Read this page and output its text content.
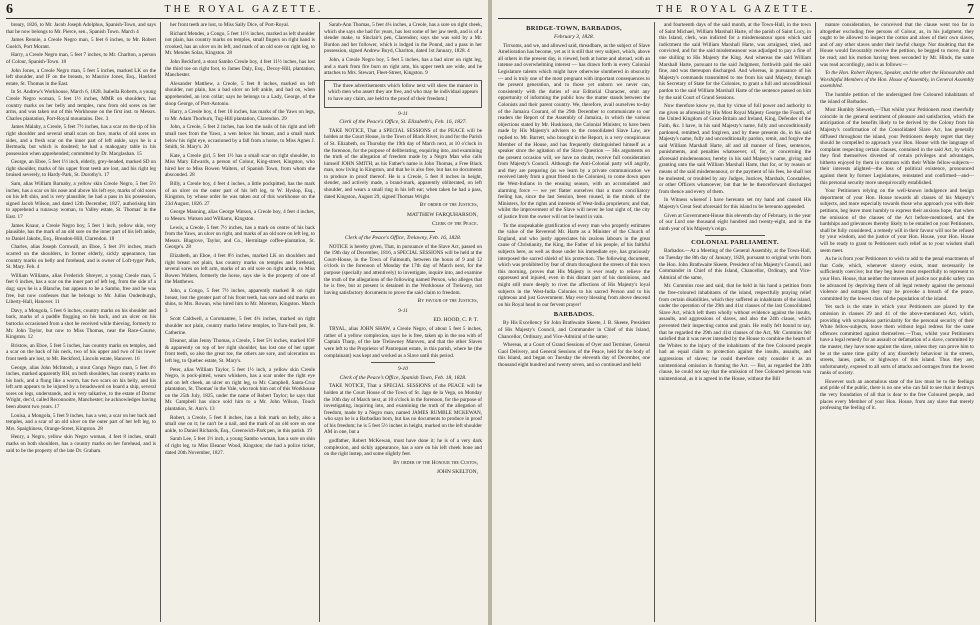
6	THE ROYAL GAZETTE.

breary, 1826, to Mr. Jacob Joseph Adolphus, Spanish-Town, and says that he now belongs to Mr. Pierce, sen., Spanish Town. March 4

James Rennie, a Creole Negro man, 5 feet 6 inches, to Mr. Robert Guelch, Port Morant.

Harry, a Creole Negro man, 5 feet 7 inches, to Mr. Charlton, a person of Colour, Spanish-Town. 18

John Jones, a Creole Negro man, 5 feet 5 inches, marked LK on the left shoulder, and IF on the breasts, to Maurice Jones, Esq., Hanford estate, St. Thomas in the East.

In St. Andrew's Workhouse, March 6, 1828. Isabella Roberts, a young Creole Negro woman, 5 feet 1½ inches, MMR on shoulders, has country marks on her belly and temples, runs from old sores on her arms, and was taken out of this Workhouse on the first inst. to Messrs. Charles plantation, Port-Royal mountains. Dec. 3

James Malaby, a Creole, 5 feet 7½ inches, has a scar on the tip of his right shoulder and several small scars on face, marks of old sores on sides, and a fresh scar on the inner part of left ankle, says he is a Bermuda, but which is doubted; he had a mahogany table in his possession when apprehended; committed by Dr. Macglashan. 15

George, an Eboe, 5 feet 1½ inch, elderly, grey-headed, marked SD on right shoulder, marks of his upper front teeth are lost, and his right leg bruised severely, to Hardy-Park, St. Dorothy's. 17

Sam, alias William Barnaby, a yellow skin Creole Negro, 5 feet 5½ inches, has a scar on his nose and above his left eye, marks of old sores on his left shin, and is very plausible; he had a pass in his possession, signed Jacob Wilson, and dated 12th December, 1827, authorising him to apprehend a runaway woman, to Valley estate, St. Thomas' in the East. 17

James Knaur, a Creole Negro boy, 5 feet 1 inch, yellow skin, very plausible, has the mark of an old sore on the inner part of his left ankle, to Daniel Jakobs, Esq., Breadon-Hill, Clarendon. 18

Charles, alias Joseph Cornwall, an Eboe, 5 feet 3½ inches, much scarred on the shoulders, in former elderly, sickly appearance, has country marks on belly and forehead, and is owner of Loft-tyger Park, St. Mary. Feb. 4

William Williams, alias Frederick Shreyer, a young Creole man, 5 feet 6 inches, has a scar on the inner part of left leg, from the side of a dog; says he is a Blanche, but appears to be a Sambo, free and he was free, but now confesses that he belongs to Mr. Julius Oudenburgh, Liberty-Hall, Hanover. 11

Davy, a Mongola, 5 feet 6 inches, country marks on his shoulder and back, marks of a paddle flogging on his back, and an ulcer on his buttocks occasioned from a shot he received while thieving, formerly to Mr. John Taylor, but now to Miss Thomas, near the Race-Course, Kingston. 12

Bristow, an Eboe, 5 feet 5 inches, has country marks on temples, and a scar on the back of his neck, two of his upper and two of his lower front teeth are lost, to Mr. Beckford, Lincoln estate, Hanover. 16

George, alias John McIntosh, a stout Congo Negro man, 5 feet 4½ inches, marked apparently RH, on both shoulders, has country marks on his back, and a flung like a worm, has two scars on his belly, and his left arm appears to be injured by a broadsword on board a ship, several sores on legs, understands, and is very talkative, to the estate of Doctor Wright, dec'd, called Reconnoitre, Manchester; he acknowledges having been absent two years. 17

Louisa, a Mongola, 5 feet 9 inches, has a wen, a scar on her back and temples, and a scar of an old ulcer on the outer part of her left leg, to Mrs. Spaighiness, Orange-Street, Kingston. 28

Henry, a Negro, yellow skin Negro woman, 4 feet 8 inches, small marks on both shoulders, has a country marks on her forehead, and is said to be the property of the late Dr. Graham.

her front teeth are lost, to Miss Sally Dice, of Port-Royal.

Richard Mendes, a Congo, 5 feet 11½ inches, marked as left shoulder not plain, has country marks on temples, small fingers on right hand is crooked, has an ulcer on its left, and mark of an old sore on right leg, to Mr. Mendes Solas, Kingston. 28

John Beckford, a stout Sambo Creole boy, 4 feet 11½ inches, has lost the third toe on right foot, to James Daly, Esq., Decoy-Hill, plantation, Manchester.

Alexander Matthew, a Creole, 5 feet 8 inches, marked on left shoulder, not plain, has a bad ulcer on left ankle, and had on, when apprehended, an iron collar; says he belongs to a Lady, George, of the sloop George, of Port-Antonio.

Harry, a Creole boy, 4 feet 10 inches, has marks of the Yaws on legs, to Mr. Adam Thorburn, Tug-Hill plantation, Clarendon. 29

John, a Creole, 5 feet 2 inches, has lost the nails of his right and left small toes from the Yaws, a wen below his breast, and a small mark below his right eye, occasioned by a fall from a horse, to Miss Agnes J. Smith, St. Mary's. 20

Kate, a Creole girl, 5 feet 1½ has a small scar on right shoulder, to Miss Mary Edwards, a person of Colour, King-street, Kingston, who hired her to Miss Bowen Walters, of Spanish Town, from whom she absconded. 28

Billy, a Creole boy, 4 feet 4 inches, a little pockpitted, has the mark of an ulcer on the outer part of his left leg, to W. Hyslop, Esq., Kingston, by whose order he was taken out of this workhouse on the 23d August, 1826. 27

George Manning, alias George Watson, a Creole boy, 4 feet 4 inches, to Messrs. Watson and Williams, Kingston.

Lewis, a Creole, 5 feet 7½ inches, has a mark on centre of his back from the Yaws, an ulcer on right, and marks of an old sore on left leg, to Messrs. Blagrove, Taylor, and Co., Hermitage coffee-plantation, St. George's. 28

Elizabeth, an Eboe, 4 feet 8½ inches, marked LK on shoulders and right breast not plain, has country marks on temples and forehead, several sores on left arm, marks of an old sore on right ankle, to Miss Bowen Walters, formerly the horse, says she is the property of one of the Matthews.

John, a Congo, 5 feet 7½ inches, apparently marked R on right breast, lost the greater part of his front teeth, has sore and old marks on shins, to Mrs. Rowan, who hired him to Mr. Moreton, Kingston. March 3

Scott Caldwell, a Coromantee, 5 feet 4¼ inches, marked on right shoulder not plain, country marks below temples, to Turn-bull pen, St. Catherine.

Eleanor, alias Jenny Thomas, a Creole, 5 feet 5½ inches, marked IOF & apparently on top of her right shoulder, has lost one of her upper front teeth, so also the great toe, the others are sore, and ulceration on left leg, to Quebec estate, St. Mary's.

Peter, alias William Taylor, 5 feet 1½ inch, a yellow skin Creole Negro, is pock-pitted, wears whiskers, has a scar under the right eye and on left cheek, an ulcer on right leg, to Mr. Campbell, Santa-Cruz plantation, St. Thomas' in the Vale, who took him out of this Workhouse on the 25th July, 1825, under the name of Robert Taylor; he says that Mr. Campbell has since sold him to a Mr. John Wilson, Touch plantation, St. Ann's. 13

Robert, a Creole, 5 feet 8 inches, has a link mark on belly, also a small one on it; he can't be a nail, and the mark of an old sore on one ankle, to Daniel Richards, Esq., Greenwich-Park pen, in this parish. 19

Sarah Lee, 5 feet 1½ inch, a young Sambo woman, has a sore on shin of right leg, to Miss Eleanor Wood, Kingston; she had a police ticket, dated 20th November, 1827.

Sarah-Ann Thomas, 5 feet 4¼ inches, a Creole, has a sore on right cheek, which she says she had for years, has lost some of her jaw teeth, and is of a slender make, to Sinclair's pen, Clarendon; says she was sold by a Mr. Burdon and her follower, which is lodged in the Pound, and a pass in her possession, signed Andrew Boyd, Chariton, dated 1st January, 1828. 4

John, a Creole Negro boy, 5 feet 5 inches, has a bad ulcer on right leg, and a mark from fire burn on right arm, his upper teeth are wide, and he attaches to Mrs. Stewart, Fleet-Street, Kingston. 9

The three advertisements which follow next will shew the manner in which men who assert they are free, and who may be individual appears to have any claim, are held to the proof of their freedom.]

9-11
Clerk of the Peace's Office, St. Elizabeth's, Feb. 16, 1827.

TAKE NOTICE, That a SPECIAL SESSIONS of the PEACE will be holden at the Court House, in the Town of Black River, in and for the Parish of St. Elizabeth, on Thursday the 19th day of March next, at 10 o'clock in the forenoon, for the purpose of deliberating, enquiring into, and examining the truth of the allegation of freedom made by a Negro Man who calls himself JOHN SMITH, as his Father's name is John Thomas, a Free Black man, now living in Kingston, and that he is also free, but has no documents to produce in proof thereof. He is a Creole, 5 feet 8 inches in height, slender, and actively made, a brand-mark, apparently obliterated, on left shoulder, and wears a small ring in his left ear; when taken he had a pass, dated Kingston, August 29, signed Thomas Wright.

By order of the Justices,
MATTHEW FARQUHARSON,
Clerk of the Peace.
Clerk of the Peace's Office, Trelawny, Feb. 16, 1828.

NOTICE is hereby given, That, in pursuance of the Slave Act, passed on the 19th day of December, 1816, a SPECIAL SESSIONS will be held at the Court-House, in the Town of Falmouth, between the hours of 9 and 12 o'clock in the forenoon of Monday the 17th day of March next, for the purpose (specially and attentively) to investigate, inquire into, and examine the truth of the allegations of the following named Person, who alleges that he is free, but at present is detained in the Workhouse of Trelawny, not having satisfactory documents to prove the said claim to freedom.

By favour of the Justices,
9-11
ED. HOOD, C. P. T.

TRYAL, alias JOHN SHAW, a Creole Negro, of about 5 feet 5 inches, rather of a yellow complexion, says he is free, taken up in the sea with of Captain Tharp, of the late Trelawney Marsveu, and that the other Slaves were left to the Proprietor of Pantrepant estate, in this parish, where he (the complainant) was kept and worked as a Slave until this period.

9-10
Clerk of the Peace's Office, Spanish Town, Feb. 18, 1828.

TAKE NOTICE, That a SPECIAL SESSIONS of the PEACE will be holden at the Court House of the Town of St. Jago de la Vega, on Monday the 10th day of March next, at 10 o'clock in the forenoon, for the purpose of investigating, inquiring into, and examining the truth of the allegation of freedom, made by a Negro man, named JAMES RUMBLE MCKEWAN, who says he is a Barbadian born, but has no documents to produce in proof of his freedom; he is 5 feet 5½ inches in height, marked on the left shoulder AM in one, but a

godfather, Robert McKewan, must have done it; he is of a very dark complexion, and sickly appearance, has a sore on his left cheek bone and on the right instep, and some slightly feet.

By order of the Honour the Custos,
JOHN SKELTON,
THE ROYAL GAZETTE.	7
BRIDGE-TOWN, BARBADOS,
February 3, 1828.

Tirrsoms, and we, and allowed said, threadbare, as the subject of Slave Amelioration has become, yet as it is still that very subject, which, above all others in the present day, is viewed, both at home and abroad, with an intense and overwhelming interest — has drawn forth in every Colonial Legislature talents which might have otherwise slumbered in obscurity — and is truly one of the most pregnant with important consequences to the present generation, and to those yet unborn we never can, consistently with the duties of our Editorial Character, omit any opportunity of informing the public how the matter stands between the Colonists and their parent country. We, therefore, avail ourselves to-day of the Jamaica Courant, of the 29th December to communicate to our readers the Report of the Assembly of Jamaica, in which the various objections stated by Mr. Huskisson, the Colonial Minister, to have been made by His Majesty's advisers to the consolidated Slave Law, are replied to. Mr. Barrett, who brought in the Report, is a very conspicuous Member of the House, and has frequently distinguished himself as a speaker since the agitation of the Slave Question — His arguments on the present occasion will, we have no doubt, receive full consideration from Majesty's Council. Although the Anti-Colonial party will angrily, and they are preparing (as we learn by a private communication we received lately from a great friend to the Colonies), to come down upon the West-Indians in the ensuing season, with an accumulated and alarming force — we yet flatter ourselves that a more conciliatory feeling has, since the last Session, been roused, in the minds of the Ministers, for the rights and interests of West-India proprietors; and that, whilst the improvement of the Slave will never be lost sight of, the city of justice from the owner will not be heard in vain.

To the unspeakable gratification of every man who properly estimates the value of the Reverend Mr. Harte as a Minister of the Church of England, and who justly appreciates his zealous labours in the great cause of Christianity, the King, the Father of his people, of his faithful subjects here, as well as those under his immediate eye, has graciously interposed the sacred shield of his protection. The following document, which was prohibited by fear of drum throughout the streets of this town this morning, proves that His Majesty is ever ready to relieve the oppressed and injured, even in this distant part of his dominions, and might still more deeply to rivet the affections of His Majesty's loyal subjects in the West-India Colonies to his sacred Person and to his righteous and just Government. May every blessing from above descend on his Royal head in our fervent prayer!

BARBADOS.

By His Excellency Sir John Brathwaite Skeete, J. B. Skeete, President of His Majesty's Council, and Commander in Chief of this Island, Chancellor, Ordinary, and Vice-Admiral of the same;

Whereas, at a Court of Grand Sessions of Oyer and Terminer, General Gaol Delivery, and General Sessions of the Peace, held for the body of this Island, and began on Tuesday the eleventh day of December, one thousand eight hundred and twenty seven, and so continued and held

and fourteenth days of the said month, at the Town-Hall, in the town of Saint Michael, William Marshall Harte, of the parish of Saint Lucy, in this Island, clerk, was indicted for a misdemeanour upon which said indictment the said William Marshall Harte, was arraigned, tried, and convicted, and for the said misdemeanour was adjudged to pay a fine of one shilling to His Majesty the King. And whereas the said William Marshall Harte, pursuant to the said Judgment, forthwith paid the said fine, and was thereupon discharged. And whereas, in pursuance of his Majesty's commands transmitted to me from his said Majesty, through his Secretary of State for the Colonies, to grant a full and unconditional pardon to the said William Marshall Harte of the sentence passed on him by the said Court of Grand Sessions.

Now therefore know ye, that by virtue of full power and authority to me given as aforesaid by His Most Royal Majesty George the Fourth, of the United Kingdom of Great-Britain and Ireland, King, Defender of the Faith, &c. I have, in his said Majesty's name, fully and unconditionally pardoned, remitted, and forgiven, and by these presents do, in his said Majesty's name, fully and unconditionally pardon, remit, and forgive the said William Marshall Harte, all and all manner of fines, sentences, punishments, and penalties whatsoever, of, for, or concerning the aforesaid misdemeanour, hereby in his said Majesty's name, giving and granting unto the said William Marshall Harte, that for, or by reason or means of the said misdemeanour, or the payment of his fees, he shall not be molested, or troubled by any Judges, Justices, Marshals, Constables, or other Officers whatsoever, but that he be thenceforward discharged from thence and every of them.

In Witness whereof I have hereunto set my hand and caused His Majesty's Great Seal aforesaid for this island to be hereunto appended.

Given at Government-House this eleventh day of February, in the year of our Lord one thousand eight hundred and twenty-eight, and in the ninth year of his Majesty's reign.

COLONIAL PARLIAMENT.

Barbados.—At a Meeting of the General Assembly, at the Town-Hall, on Tuesday the 8th day of January, 1828, pursuant to original writs from the Hon. John Brathwaite Skeete, President of his Majesty's Council, and Commander in Chief of this Island, Chancellor, Ordinary, and Vice-Admiral of the same,

Mr. Cummins rose and said, that he held in his hand a petition from the free-coloured inhabitants of the island, respectfully praying relief from certain disabilities, which they suffered as inhabitants of the island, under the operation of the 29th and 41st clauses of the last Consolidated Slave Act, which left them wholly without evidence against the insults, assaults, and aggressions of slaves, and also the 24th clause, which prevented their inspecting cotton and grain. He really felt bound to say, that he regarded the 29th and 41st clauses of the Act, Mr. Cummins felt satisfied that it was never intended by the House to combine the hearts of the Whites to the injury of the inhabitants of the free Coloured people had an equal claim to protection against the insults, assaults, and aggressions of slaves; he could therefore only consider it as an unintentional omission in framing the Act. — But, as regarded the 24th clause, he could not say that the omission of free Coloured persons was unintentional, as it is agreed in the House, without the Bill

mature consideration, he conceived that the clause went too far in altogether excluding free persons of Colour, as, in his judgment, they ought to be allowed to inspect the cotton and aloes of their own slaves, and of any other slaves under their lawful charge. Nor doubting that the House would favourably receive the petition, he begged to move, that it be read; and his motion having been seconded by Mr. Hinds, the same was read accordingly, and is as follows:—

To the Hon. Robert Haynes, Speaker, and the other the Honourable and Worshipful Members of the Hon. House of Assembly, in General Assembly assembled.

The humble petition of the undersigned free Coloured inhabitants of the island of Barbados.

Most Humbly Sheweth,—That whilst your Petitioners most cheerfully coincide in the general sentiment of pleasure and satisfaction, which the anticipation of the benefits likely to be derived by the Colony from his Majesty's confirmation of the Consolidated Slave Act, has generally diffused throughout the island, your Petitioners deeply regret that they should be compelled to approach your Hon. House with the language of complaint respecting certain clauses, contained in the said Act, by which they find themselves divested of certain privileges and advantages, hitherto enjoyed by them in common with their White fellow-subjects—their interests alighted—the loss of political existence, pronounced against them by former Legislatures, reinstated and confirmed—and—this personal security more unequivocally established.

Your Petitioners relying on the well-known indulgence and benign deportment of your Hon. House towards all classes of his Majesty's subjects, and more especially towards those who approach you with their petitions, beg leave most humbly to express their anxious hope, that when the omission of the clauses of the Act before-mentioned, and the hardships and grievances thereby likely to be entailed on your Petitioners, shall be fully considered, a remedy will in their favour will not be refused by your wisdom, and the justice of your Hon. House, your Hon. House will be ready to grant to Petitioners such relief as to your wisdom shall seem meet.

As he is from your Petitioners to wish to add to the penal enactments of that Code, which, whenever slavery exists, must necessarily be sufficiently coercive; but they beg leave most respectfully to represent to your Hon. House, that neither the interests of justice nor public safety can be advanced by depriving them of all legal remedy against the personal violence and outrages they may be provoke a breach of the peace, committed by the lowest class of the population of the island.

Yet such is the state in which your Petitioners are placed by the omission in clauses 29 and 41 of the above-mentioned Act, which, providing with scrupulous particularity for the personal security of their White fellow-subjects, leave them without legal redress for the same offences committed against themselves.—Thus, whilst your Petitioners have a legal remedy for an assault or defamation of a slave, committed by the master, they have none against the slave, unless they can prove him to be at the same time guilty of any disorderly behaviour in the streets, streets, lanes, paths, or highways of this island. Thus they are, unfortunately, exposed to all sorts of attacks and outrages from the lowest ranks of society.

However such an anomalous state of the law must be to the feelings and pride of the public, there is no one who can fail to see that it destroys the very foundation of all that is dear to the free Coloured people, and places every Member of your Hon. House, from any slave that merely professing the feeling of it.
